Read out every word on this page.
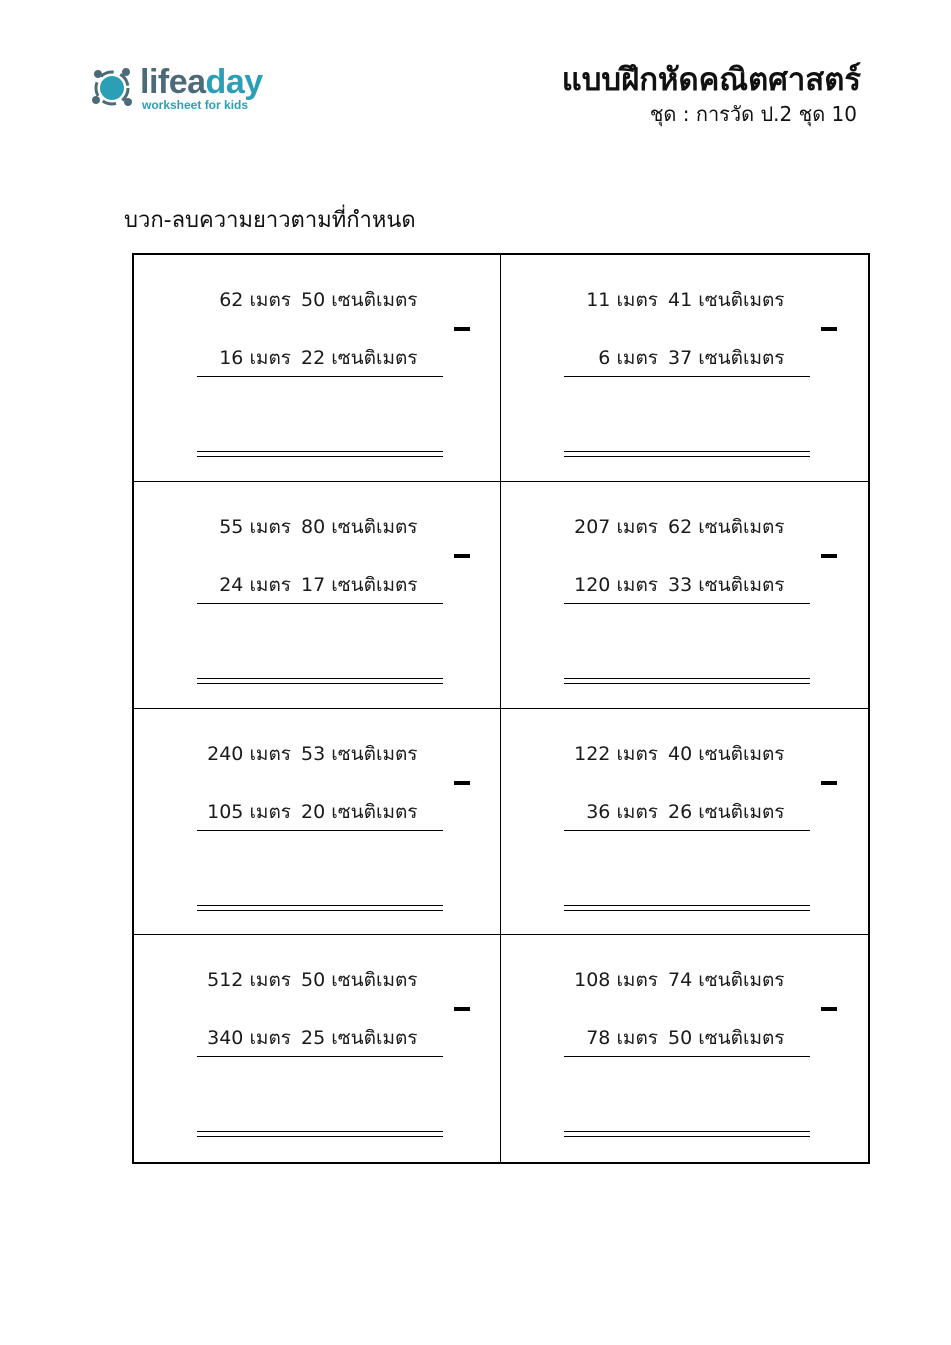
lifeaday
worksheet for kids
แบบฝึกหัดคณิตศาสตร์
ชุด : การวัด ป.2 ชุด 10
บวก-ลบความยาวตามที่กำหนด
62 เมตร 50 เซนติเมตร
16 เมตร 22 เซนติเมตร
11 เมตร 41 เซนติเมตร
6 เมตร 37 เซนติเมตร
55 เมตร 80 เซนติเมตร
24 เมตร 17 เซนติเมตร
207 เมตร 62 เซนติเมตร
120 เมตร 33 เซนติเมตร
240 เมตร 53 เซนติเมตร
105 เมตร 20 เซนติเมตร
122 เมตร 40 เซนติเมตร
36 เมตร 26 เซนติเมตร
512 เมตร 50 เซนติเมตร
340 เมตร 25 เซนติเมตร
108 เมตร 74 เซนติเมตร
78 เมตร 50 เซนติเมตร
